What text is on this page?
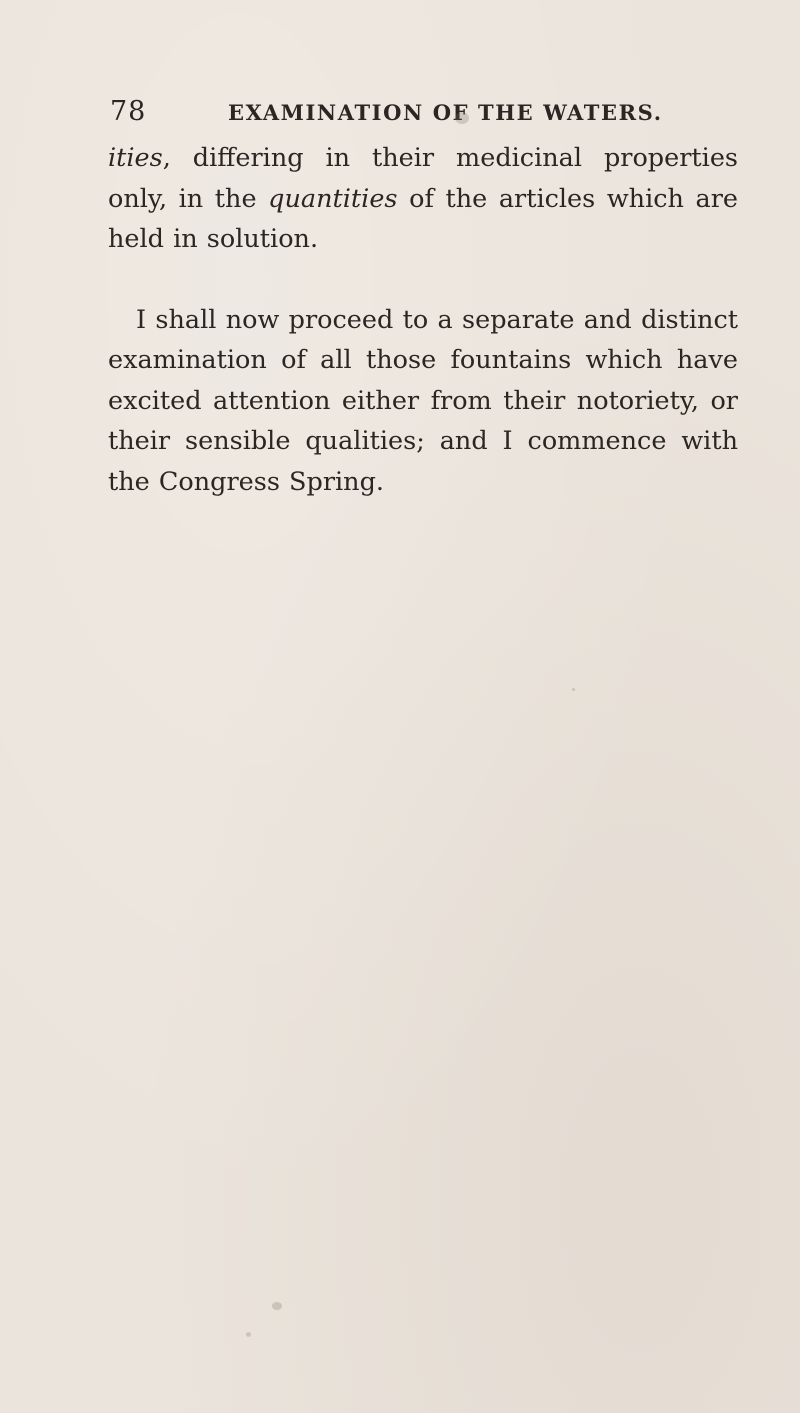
78	EXAMINATION OF THE WATERS.

ities, differing in their medicinal properties only, in the quantities of the articles which are held in solution.

I shall now proceed to a separate and distinct examination of all those fountains which have excited attention either from their notoriety, or their sensible qualities; and I commence with the Congress Spring.
